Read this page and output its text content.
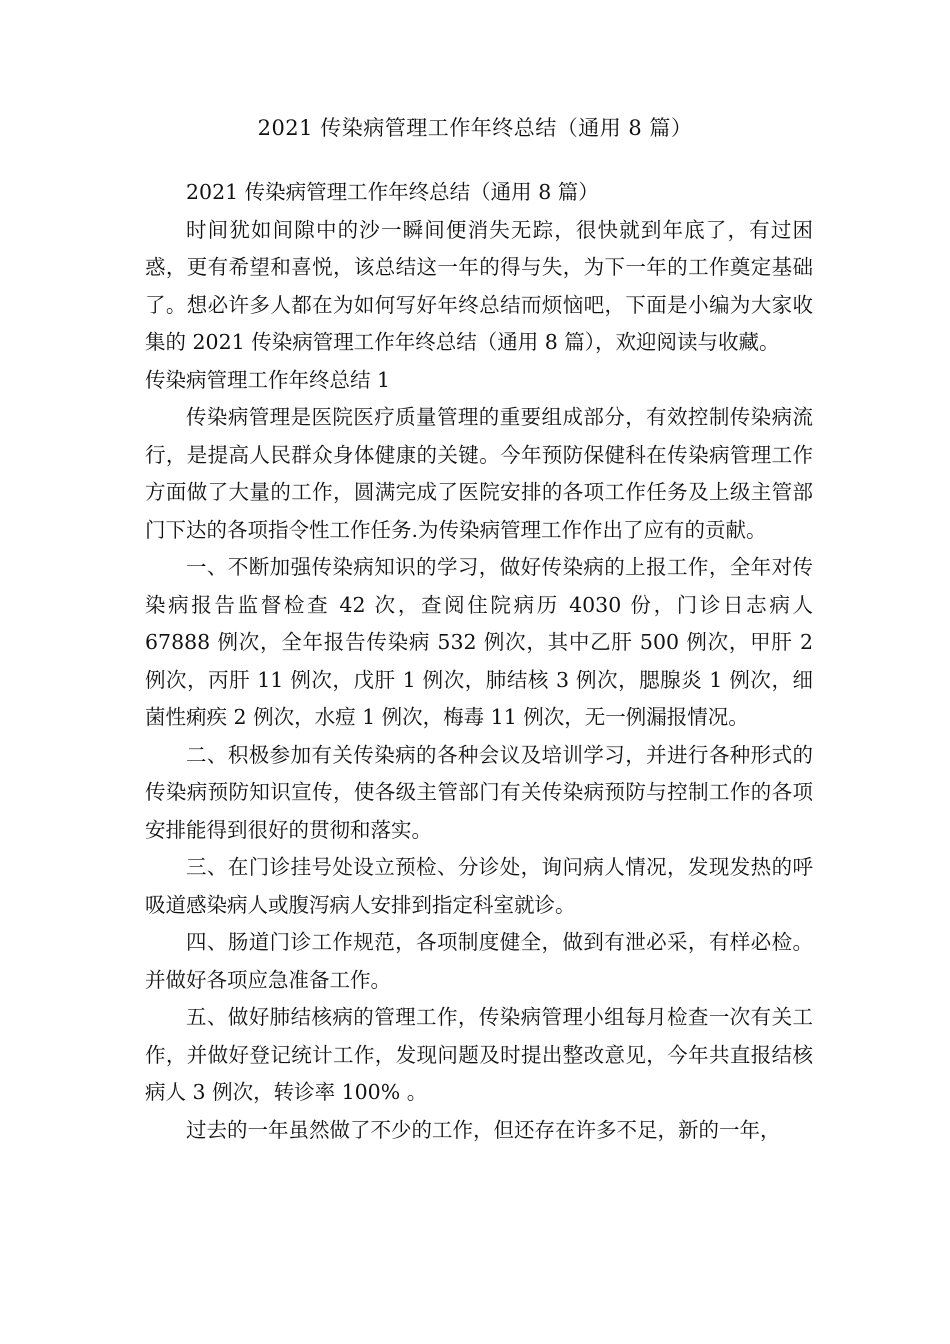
2021 传染病管理工作年终总结（通用 8 篇）

2021 传染病管理工作年终总结（通用 8 篇）

时间犹如间隙中的沙一瞬间便消失无踪，很快就到年底了，有过困惑，更有希望和喜悦，该总结这一年的得与失，为下一年的工作奠定基础了。想必许多人都在为如何写好年终总结而烦恼吧，下面是小编为大家收集的 2021 传染病管理工作年终总结（通用 8 篇），欢迎阅读与收藏。

传染病管理工作年终总结 1

传染病管理是医院医疗质量管理的重要组成部分，有效控制传染病流行，是提高人民群众身体健康的关键。今年预防保健科在传染病管理工作方面做了大量的工作，圆满完成了医院安排的各项工作任务及上级主管部门下达的各项指令性工作任务.为传染病管理工作作出了应有的贡献。

一、不断加强传染病知识的学习，做好传染病的上报工作，全年对传染病报告监督检查 42 次，查阅住院病历 4030 份，门诊日志病人 67888 例次，全年报告传染病 532 例次，其中乙肝 500 例次，甲肝 2 例次，丙肝 11 例次，戊肝 1 例次，肺结核 3 例次，腮腺炎 1 例次，细菌性痢疾 2 例次，水痘 1 例次，梅毒 11 例次，无一例漏报情况。

二、积极参加有关传染病的各种会议及培训学习，并进行各种形式的传染病预防知识宣传，使各级主管部门有关传染病预防与控制工作的各项安排能得到很好的贯彻和落实。

三、在门诊挂号处设立预检、分诊处，询问病人情况，发现发热的呼吸道感染病人或腹泻病人安排到指定科室就诊。

四、肠道门诊工作规范，各项制度健全，做到有泄必采，有样必检。并做好各项应急准备工作。

五、做好肺结核病的管理工作，传染病管理小组每月检查一次有关工作，并做好登记统计工作，发现问题及时提出整改意见，今年共直报结核病人 3 例次，转诊率 100% 。

过去的一年虽然做了不少的工作，但还存在许多不足，新的一年，
